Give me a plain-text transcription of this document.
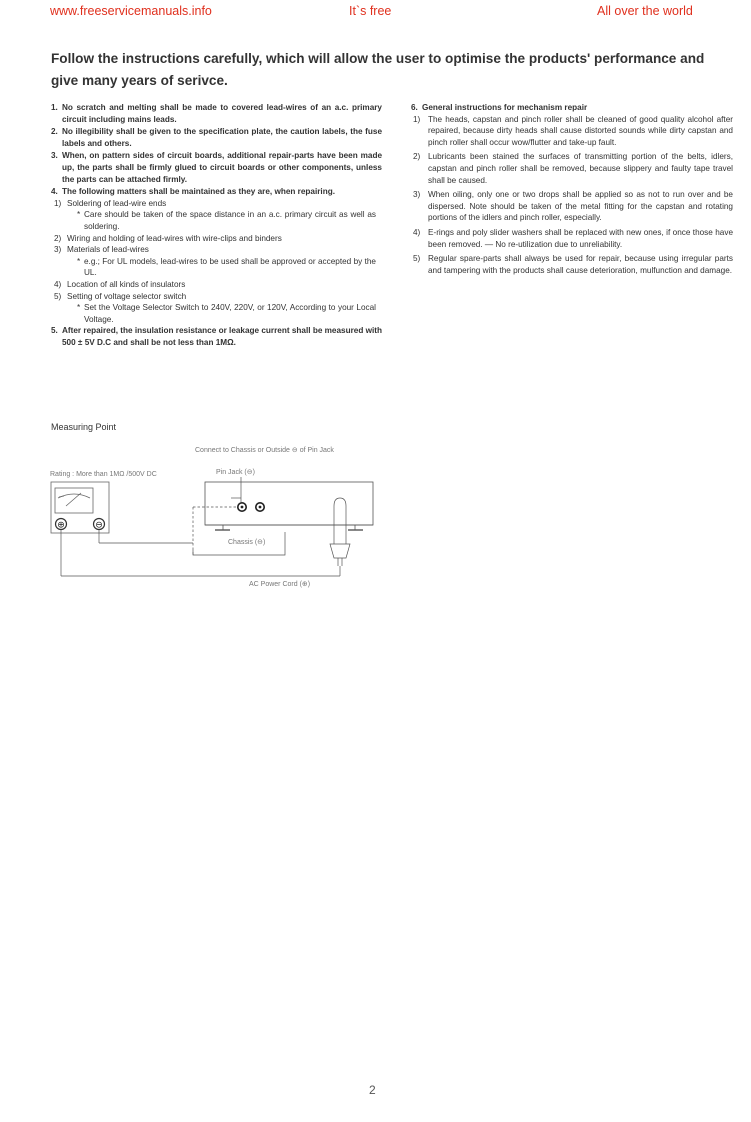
www.freeservicemanuals.info	It`s free	All over the world
Follow the instructions carefully, which will allow the user to optimise the products' performance and give many years of serivce.
1. No scratch and melting shall be made to covered lead-wires of an a.c. primary circuit including mains leads.
2. No illegibility shall be given to the specification plate, the caution labels, the fuse labels and others.
3. When, on pattern sides of circuit boards, additional repair-parts have been made up, the parts shall be firmly glued to circuit boards or other components, unless the parts can be attached firmly.
4. The following matters shall be maintained as they are, when repairing.
1) Soldering of lead-wire ends
* Care should be taken of the space distance in an a.c. primary circuit as well as soldering.
2) Wiring and holding of lead-wires with wire-clips and binders
3) Materials of lead-wires
* e.g.; For UL models, lead-wires to be used shall be approved or accepted by the UL.
4) Location of all kinds of insulators
5) Setting of voltage selector switch
* Set the Voltage Selector Switch to 240V, 220V, or 120V, According to your Local Voltage.
5. After repaired, the insulation resistance or leakage current shall be measured with 500 ± 5V D.C and shall be not less than 1MΩ.
6. General instructions for mechanism repair
1) The heads, capstan and pinch roller shall be cleaned of good quality alcohol after repaired, because dirty heads shall cause distorted sounds while dirty capstan and pinch roller shall occur wow/flutter and take-up fault.
2) Lubricants been stained the surfaces of transmitting portion of the belts, idlers, capstan and pinch roller shall be removed, because slippery and faulty tape travel shall be caused.
3) When oiling, only one or two drops shall be applied so as not to run over and be dispersed. Note should be taken of the metal fitting for the capstan and rotating portions of the idlers and pinch roller, especially.
4) E-rings and poly slider washers shall be replaced with new ones, if once those have been removed. — No re-utilization due to unreliability.
5) Regular spare-parts shall always be used for repair, because using irregular parts and tampering with the products shall cause deterioration, mulfunction and damage.
Measuring Point
Connect to Chassis or Outside ⊖ of Pin Jack
Rating : More than 1MΩ /500V DC	Pin Jack (⊖)
⊕	⊖
Chassis (⊖)
AC Power Cord (⊕)
2
